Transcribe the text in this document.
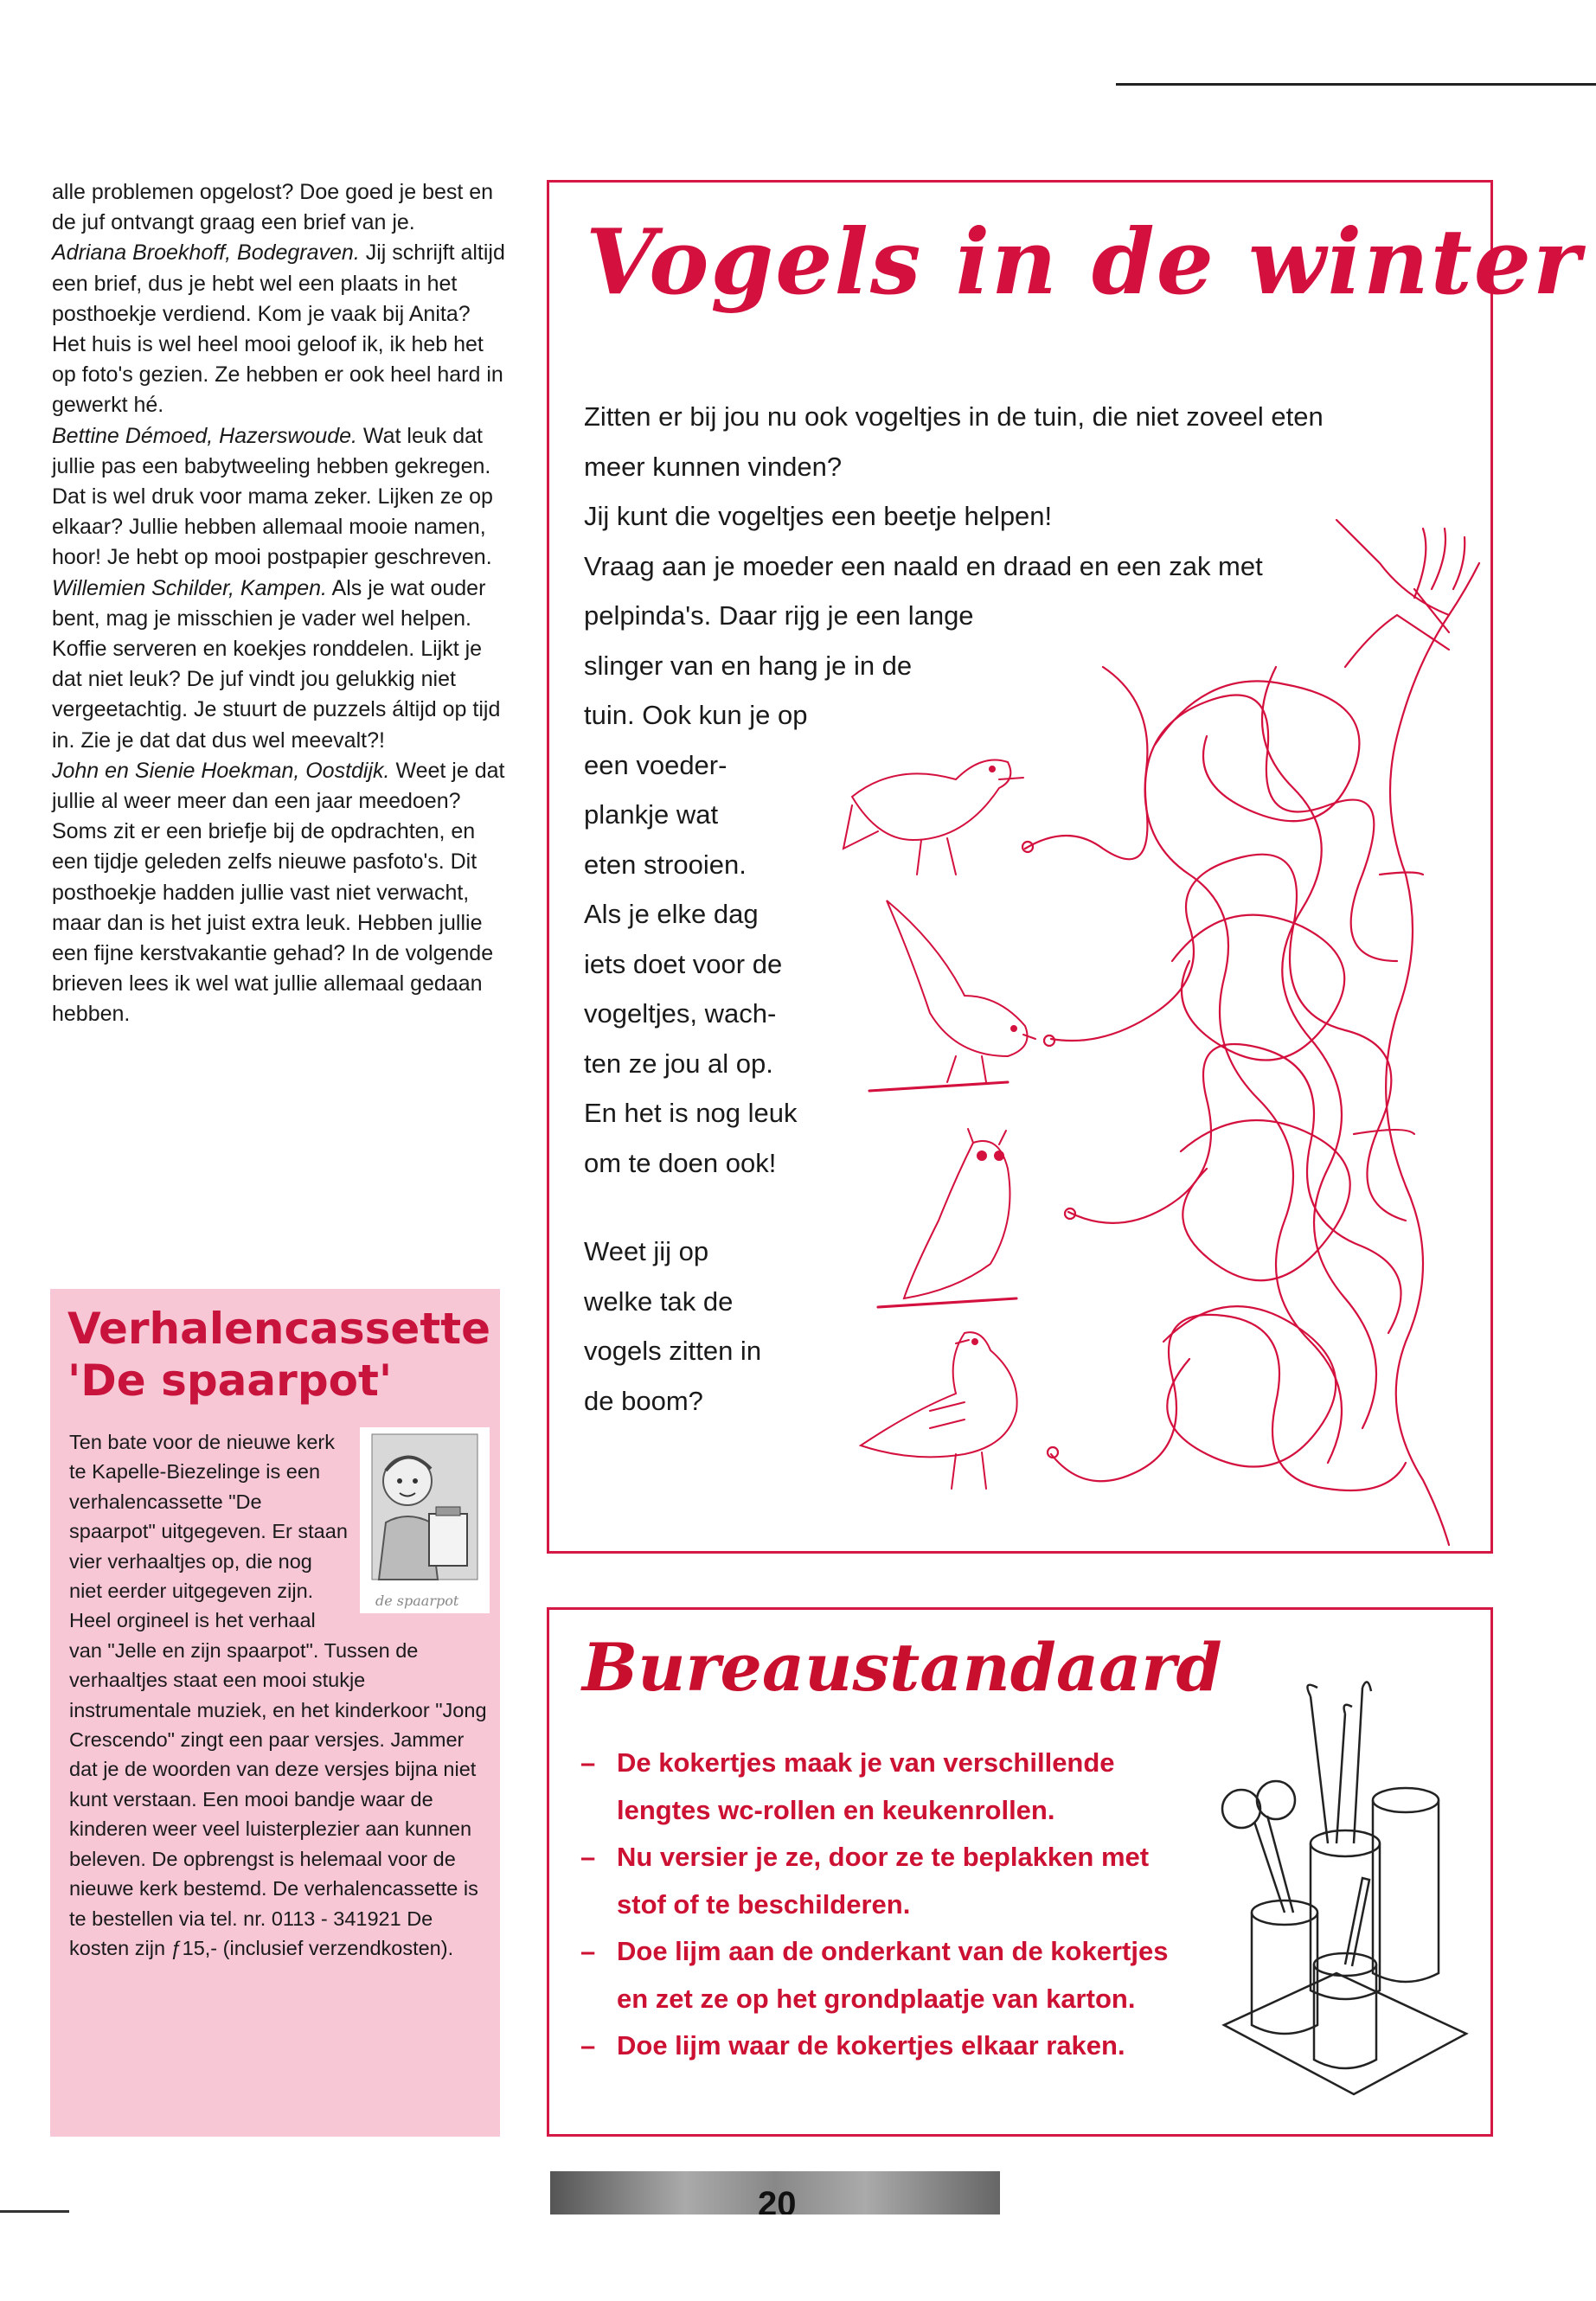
alle problemen opgelost? Doe goed je best en de juf ontvangt graag een brief van je.

Adriana Broekhoff, Bodegraven. Jij schrijft altijd een brief, dus je hebt wel een plaats in het posthoekje verdiend. Kom je vaak bij Anita? Het huis is wel heel mooi geloof ik, ik heb het op foto's gezien. Ze hebben er ook heel hard in gewerkt hé.

Bettine Démoed, Hazerswoude. Wat leuk dat jullie pas een babytweeling hebben gekregen. Dat is wel druk voor mama zeker. Lijken ze op elkaar? Jullie hebben allemaal mooie namen, hoor! Je hebt op mooi postpapier geschreven.

Willemien Schilder, Kampen. Als je wat ouder bent, mag je misschien je vader wel helpen. Koffie serveren en koekjes ronddelen. Lijkt je dat niet leuk? De juf vindt jou gelukkig niet vergeetachtig. Je stuurt de puzzels áltijd op tijd in. Zie je dat dat dus wel meevalt?!

John en Sienie Hoekman, Oostdijk. Weet je dat jullie al weer meer dan een jaar meedoen? Soms zit er een briefje bij de opdrachten, en een tijdje geleden zelfs nieuwe pasfoto's. Dit posthoekje hadden jullie vast niet verwacht, maar dan is het juist extra leuk. Hebben jullie een fijne kerstvakantie gehad? In de volgende brieven lees ik wel wat jullie allemaal gedaan hebben.

Verhalencassette
'De spaarpot'
de spaarpot

Ten bate voor de nieuwe kerk te Kapelle-Biezelinge is een verhalencassette "De spaarpot" uitgegeven. Er staan vier verhaaltjes op, die nog niet eerder uitgegeven zijn. Heel orgineel is het verhaal van "Jelle en zijn spaarpot". Tussen de verhaaltjes staat een mooi stukje instrumentale muziek, en het kinderkoor "Jong Crescendo" zingt een paar versjes. Jammer dat je de woorden van deze versjes bijna niet kunt verstaan. Een mooi bandje waar de kinderen weer veel luisterplezier aan kunnen beleven. De opbrengst is helemaal voor de nieuwe kerk bestemd. De verhalencassette is te bestellen via tel. nr. 0113 - 341921 De kosten zijn ƒ15,- (inclusief verzendkosten).

Vogels in de winter

Zitten er bij jou nu ook vogeltjes in de tuin, die niet zoveel eten

meer kunnen vinden?

Jij kunt die vogeltjes een beetje helpen!

Vraag aan je moeder een naald en draad en een zak met

pelpinda's. Daar rijg je een lange

slinger van en hang je in de

tuin. Ook kun je op

een voeder-

plankje wat

eten strooien.

Als je elke dag

iets doet voor de

vogeltjes, wach-

ten ze jou al op.

En het is nog leuk

om te doen ook!

Weet jij op

welke tak de

vogels zitten in

de boom?

Bureaustandaard
– De kokertjes maak je van verschillende lengtes wc-rollen en keukenrollen.
– Nu versier je ze, door ze te beplakken met stof of te beschilderen.
– Doe lijm aan de onderkant van de kokertjes en zet ze op het grondplaatje van karton.
– Doe lijm waar de kokertjes elkaar raken.
20
